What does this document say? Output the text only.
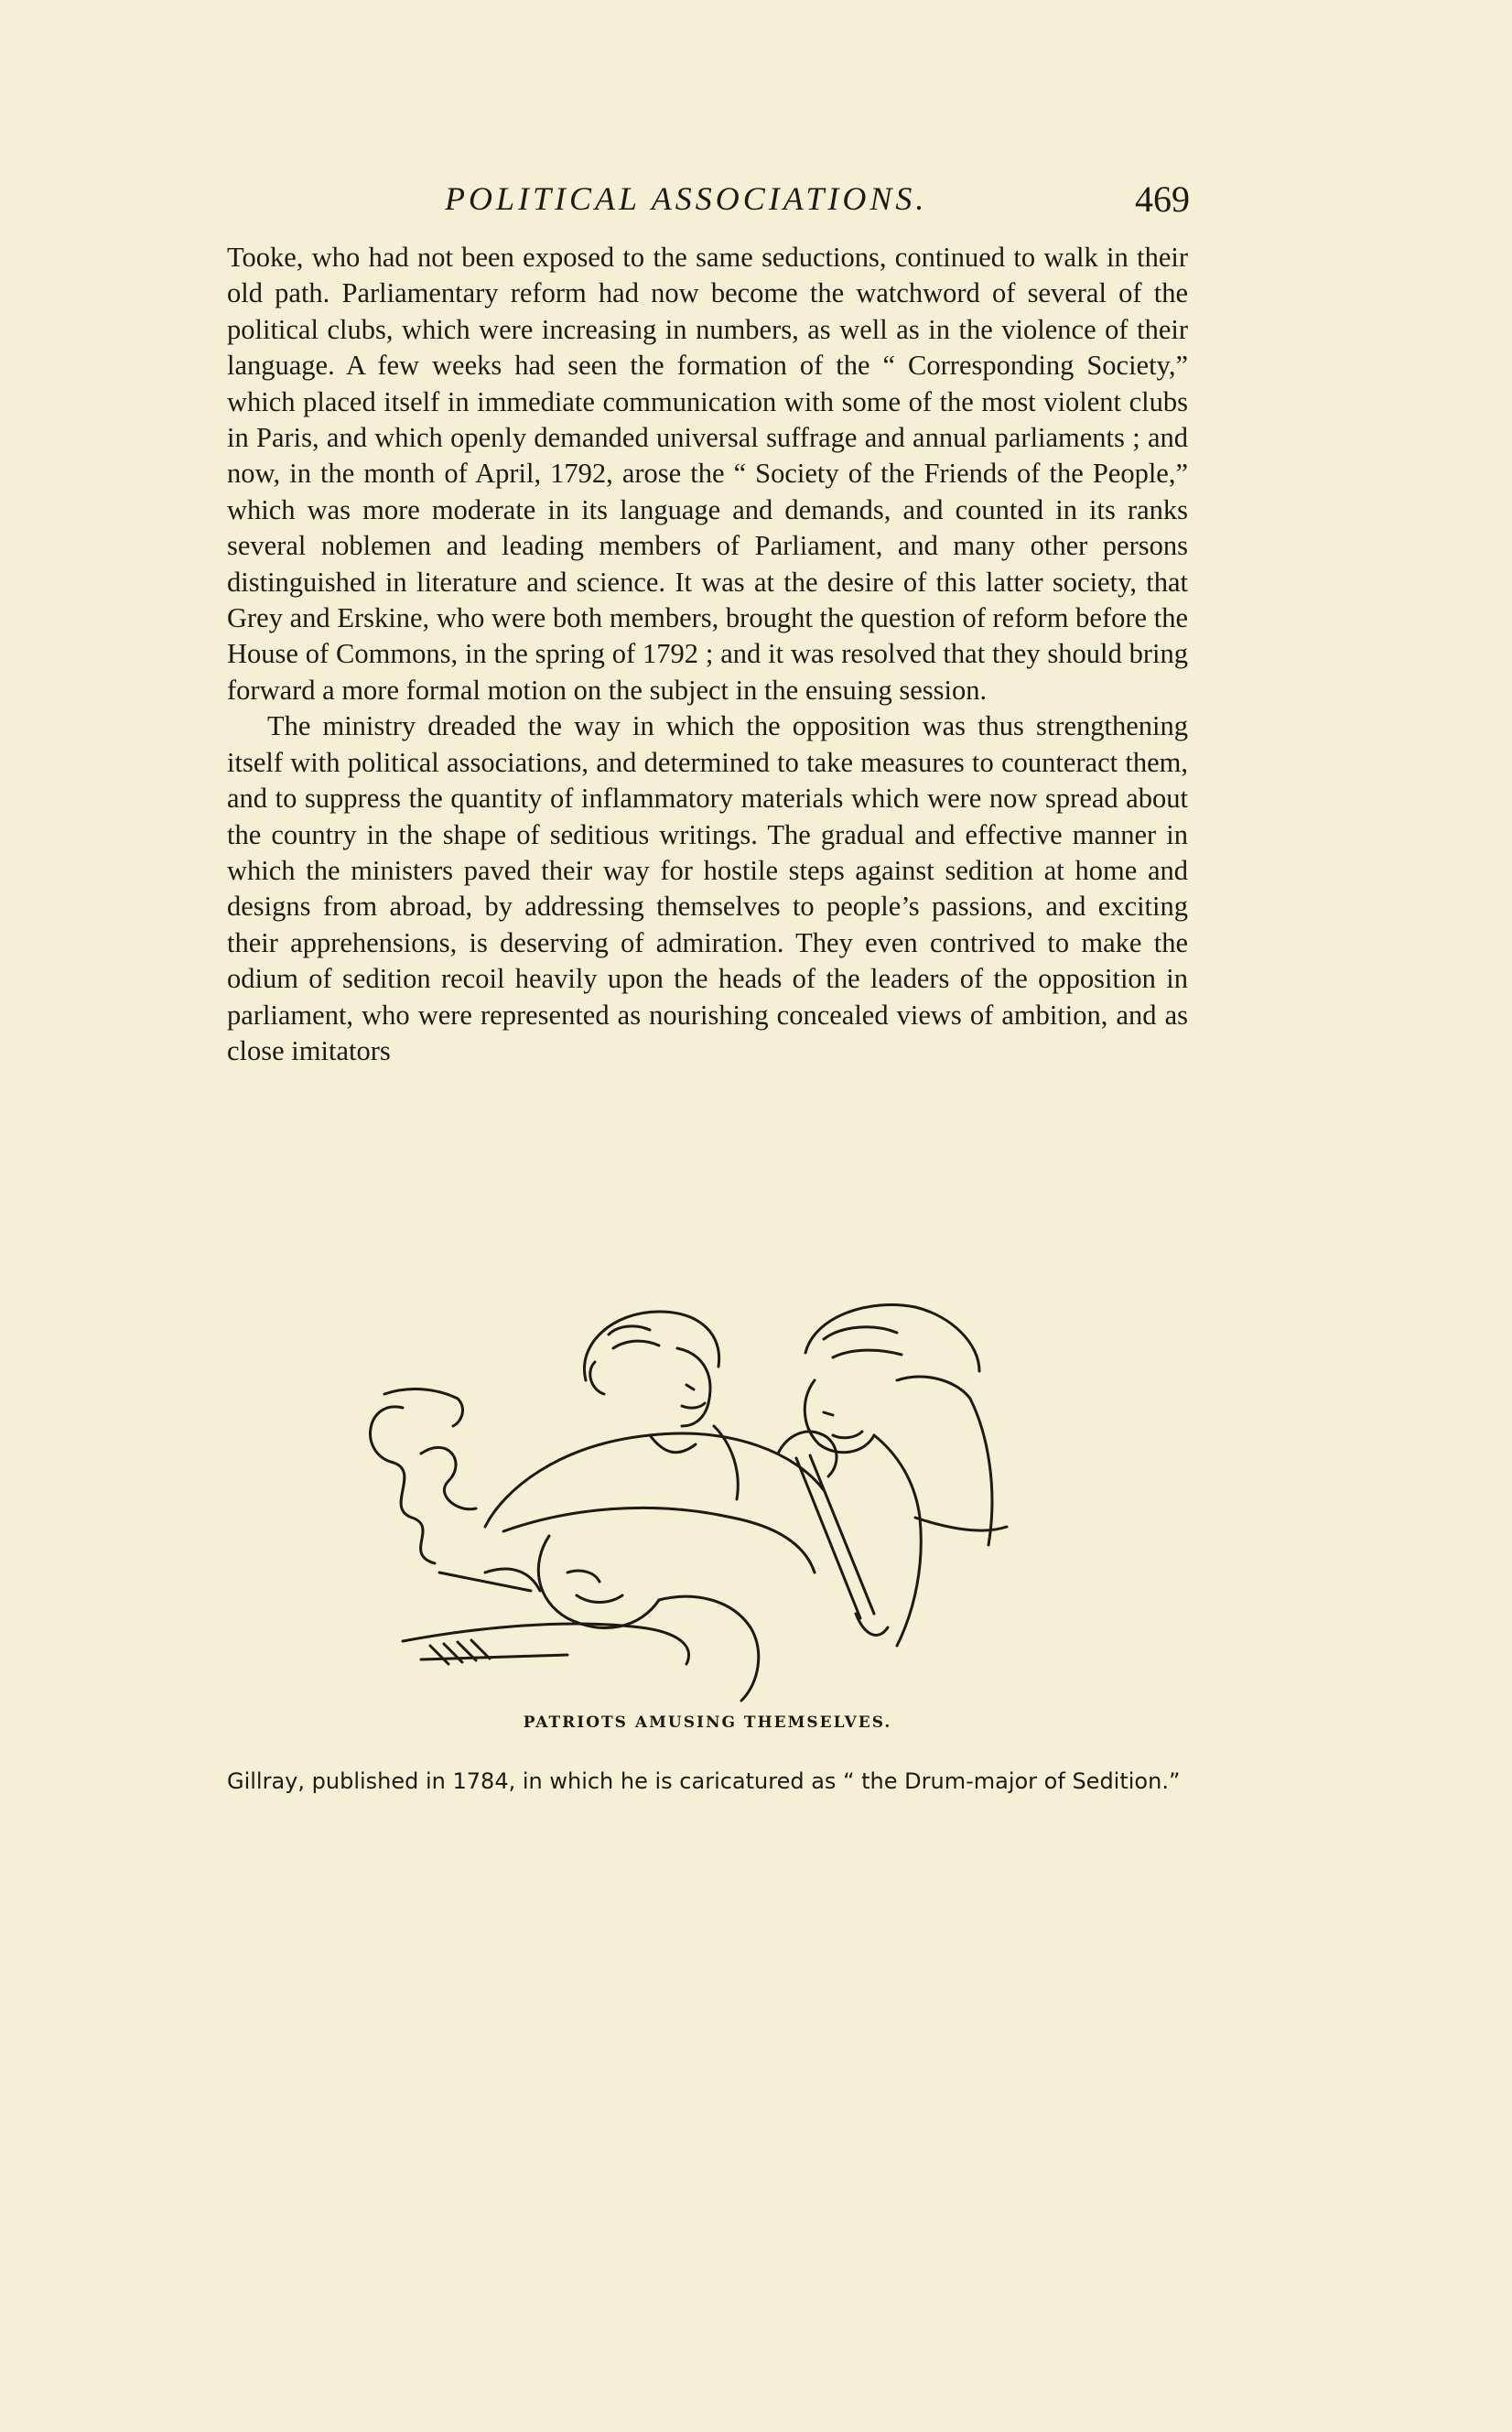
POLITICAL ASSOCIATIONS.	469

Tooke, who had not been exposed to the same seductions, continued to walk in their old path. Parliamentary reform had now become the watchword of several of the political clubs, which were increasing in numbers, as well as in the violence of their language. A few weeks had seen the formation of the “ Corresponding Society,” which placed itself in immediate communication with some of the most violent clubs in Paris, and which openly demanded universal suffrage and annual parliaments ; and now, in the month of April, 1792, arose the “ Society of the Friends of the People,” which was more moderate in its language and demands, and counted in its ranks several noblemen and leading members of Parliament, and many other persons distinguished in literature and science. It was at the desire of this latter society, that Grey and Erskine, who were both members, brought the question of reform before the House of Commons, in the spring of 1792 ; and it was resolved that they should bring forward a more formal motion on the subject in the ensuing session.

The ministry dreaded the way in which the opposition was thus strengthening itself with political associations, and determined to take measures to counteract them, and to suppress the quantity of inflammatory materials which were now spread about the country in the shape of seditious writings. The gradual and effective manner in which the ministers paved their way for hostile steps against sedition at home and designs from abroad, by addressing themselves to people’s passions, and exciting their apprehensions, is deserving of admiration. They even contrived to make the odium of sedition recoil heavily upon the heads of the leaders of the opposition in parliament, who were represented as nourishing concealed views of ambition, and as close imitators

PATRIOTS AMUSING THEMSELVES.
Gillray, published in 1784, in which he is caricatured as “ the Drum-major of Sedition.”
